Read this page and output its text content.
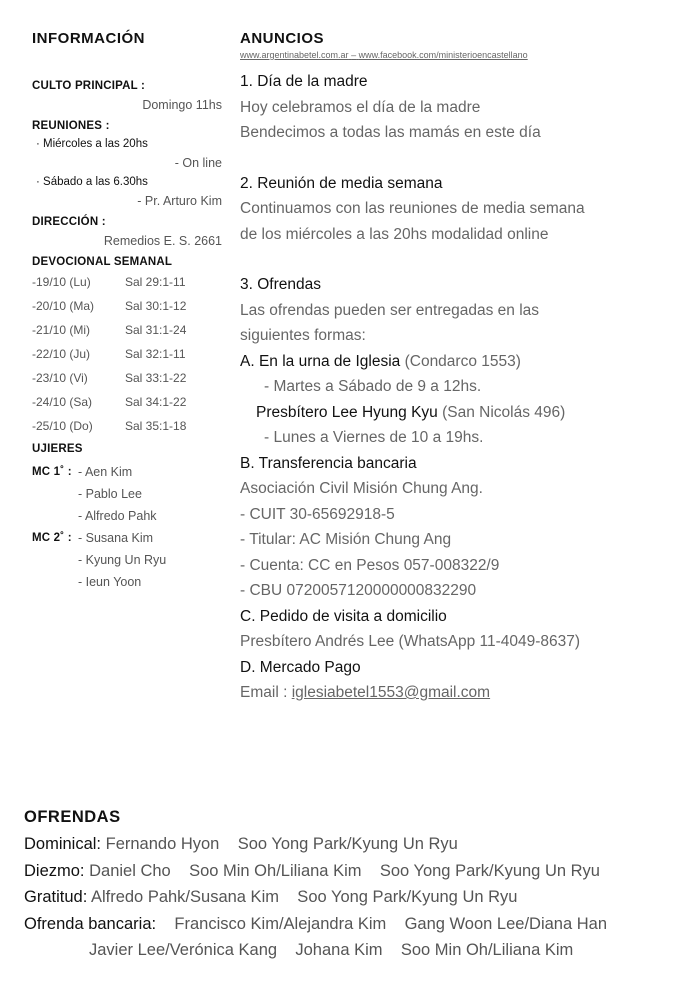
INFORMACIÓN
CULTO PRINCIPAL :
Domingo 11hs
REUNIONES :
· Miércoles a las 20hs
- On line
· Sábado a las 6.30hs
- Pr. Arturo Kim
DIRECCIÓN :
Remedios E. S. 2661
DEVOCIONAL SEMANAL
-19/10 (Lu)	Sal 29:1-11
-20/10 (Ma)	Sal 30:1-12
-21/10 (Mi)	Sal 31:1-24
-22/10 (Ju)	Sal 32:1-11
-23/10 (Vi)	Sal 33:1-22
-24/10 (Sa)	Sal 34:1-22
-25/10 (Do)	Sal 35:1-18
UJIERES
MC 1˚ : - Aen Kim
- Pablo Lee
- Alfredo Pahk
MC 2˚ : - Susana Kim
- Kyung Un Ryu
- Ieun Yoon
ANUNCIOS
www.argentinabetel.com.ar – www.facebook.com/ministerioencastellano
1. Día de la madre
Hoy celebramos el día de la madre
Bendecimos a todas las mamás en este día
2. Reunión de media semana
Continuamos con las reuniones de media semana
de los miércoles a las 20hs modalidad online
3. Ofrendas
Las ofrendas pueden ser entregadas en las
siguientes formas:
A. En la urna de Iglesia (Condarco 1553)
- Martes a Sábado de 9 a 12hs.
Presbítero Lee Hyung Kyu (San Nicolás 496)
- Lunes a Viernes de 10 a 19hs.
B. Transferencia bancaria
Asociación Civil Misión Chung Ang.
- CUIT 30-65692918-5
- Titular: AC Misión Chung Ang
- Cuenta: CC en Pesos 057-008322/9
- CBU 0720057120000000832290
C. Pedido de visita a domicilio
Presbítero Andrés Lee (WhatsApp 11-4049-8637)
D. Mercado Pago
Email : iglesiabetel1553@gmail.com
OFRENDAS
Dominical: Fernando Hyon    Soo Yong Park/Kyung Un Ryu
Diezmo: Daniel Cho    Soo Min Oh/Liliana Kim    Soo Yong Park/Kyung Un Ryu
Gratitud: Alfredo Pahk/Susana Kim    Soo Yong Park/Kyung Un Ryu
Ofrenda bancaria:    Francisco Kim/Alejandra Kim    Gang Woon Lee/Diana Han
Javier Lee/Verónica Kang    Johana Kim    Soo Min Oh/Liliana Kim
